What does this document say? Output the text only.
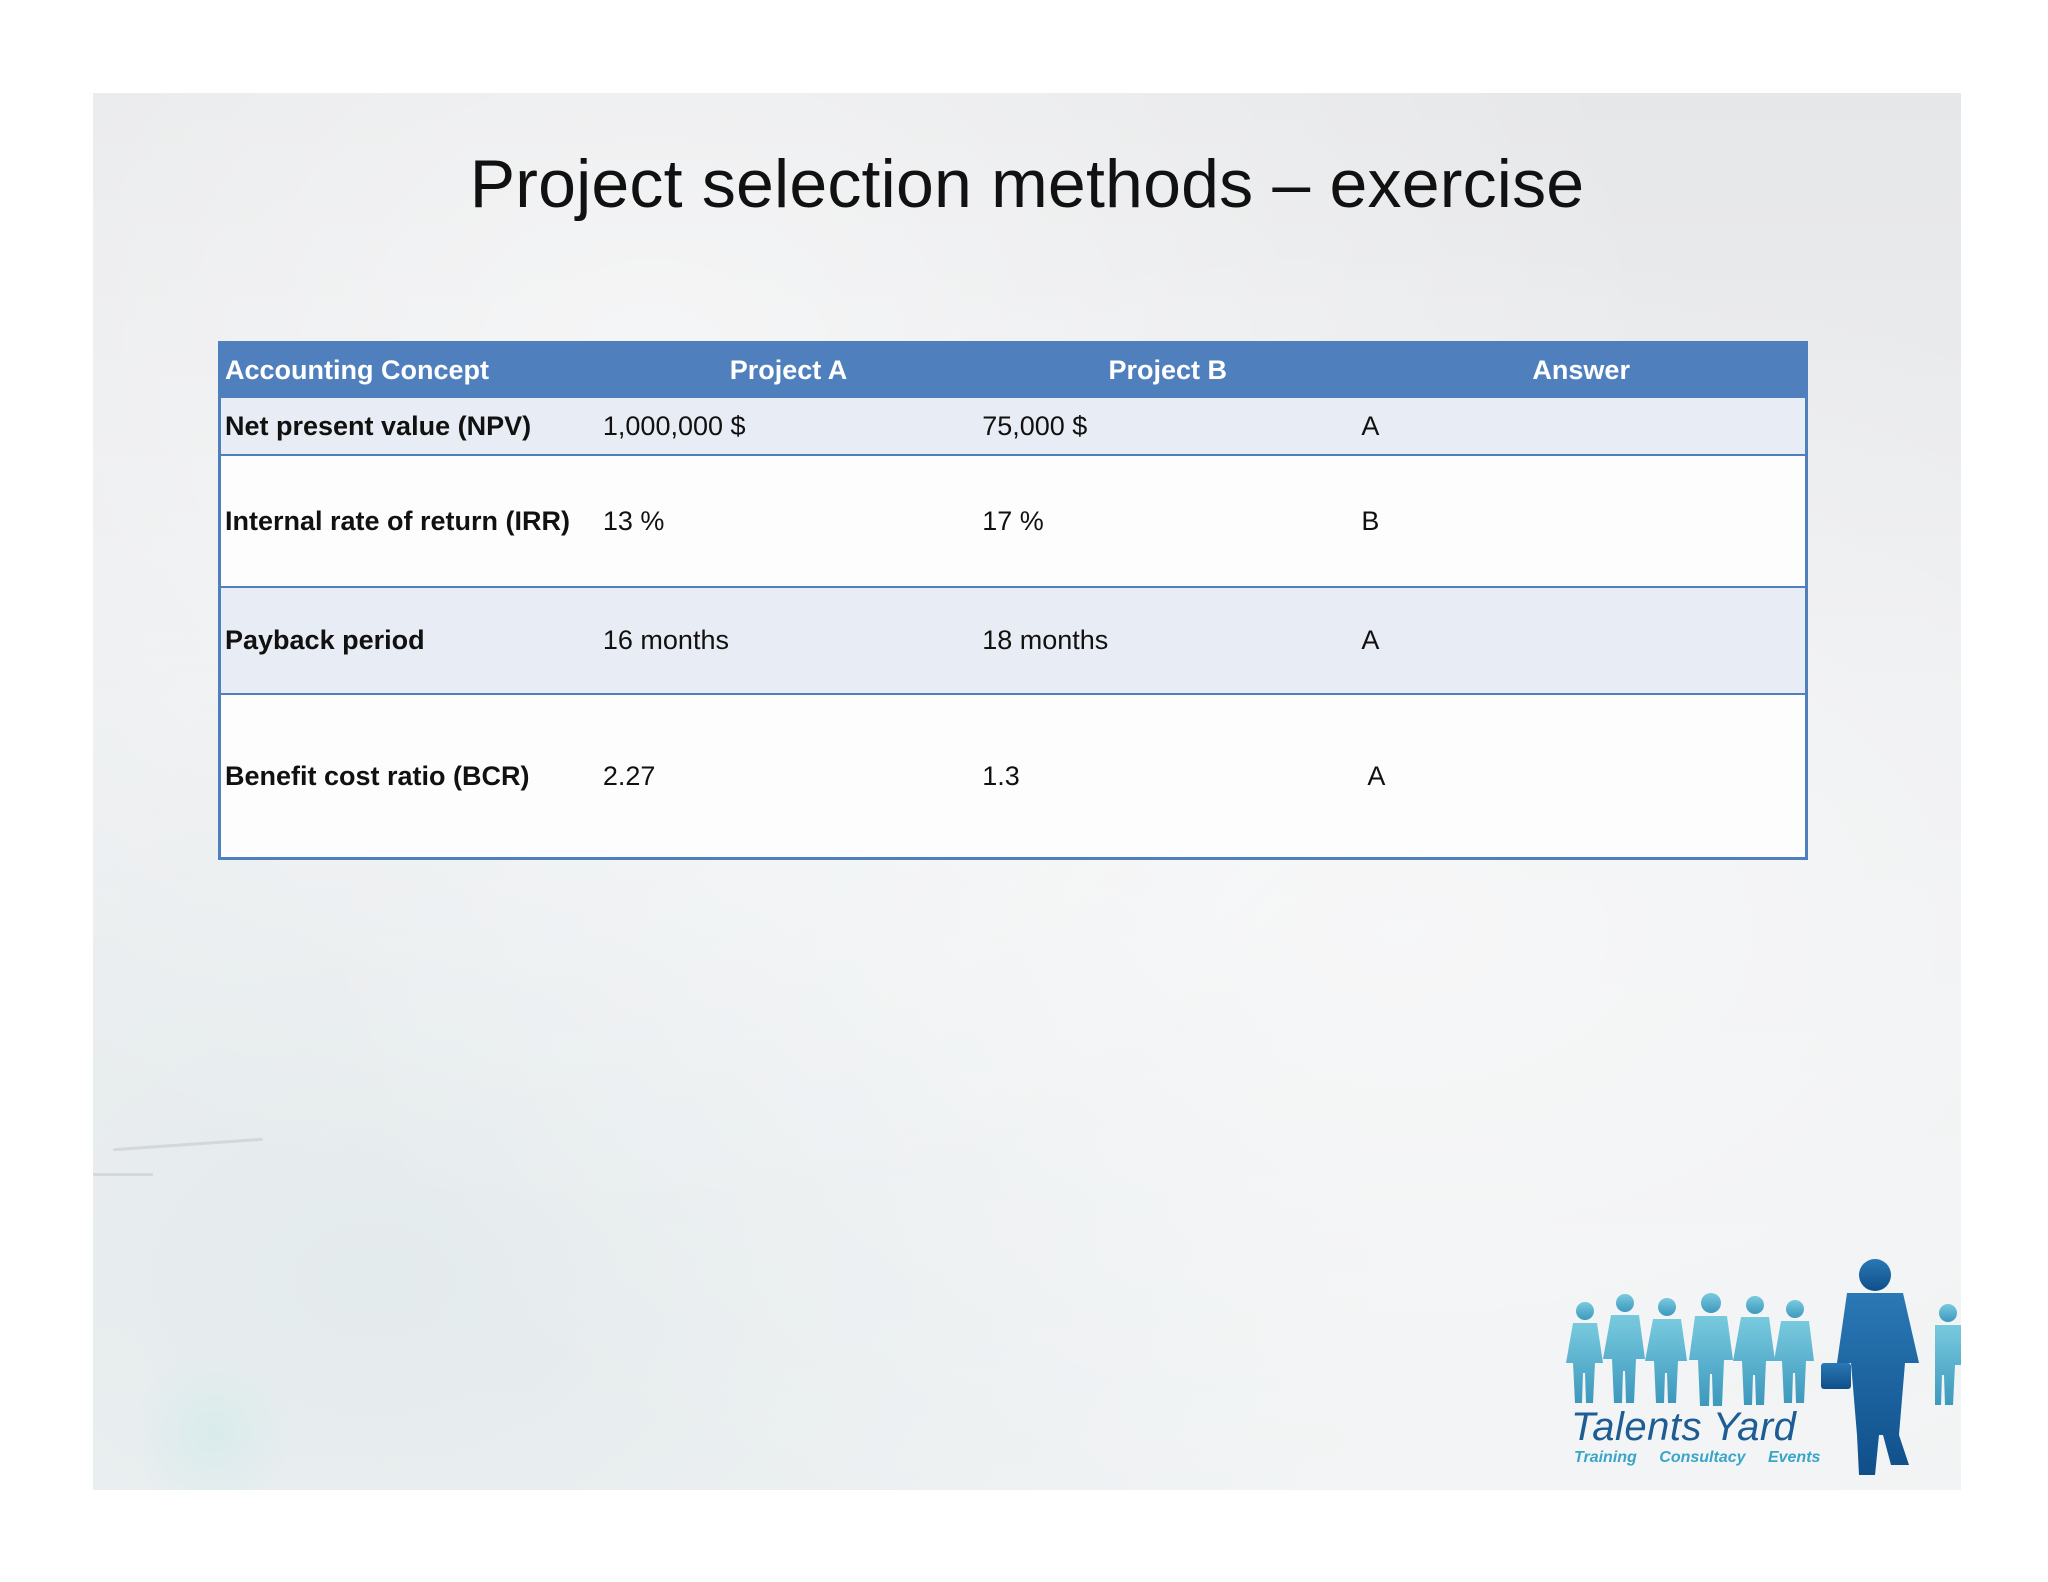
Project selection methods – exercise
Accounting Concept	Project A	Project B	Answer
Net present value (NPV)	1,000,000 $	75,000 $	A
Internal rate of return (IRR)	13 %	17 %	B
Payback period	16 months	18 months	A
Benefit cost ratio (BCR)	2.27	1.3	A
Talents Yard
Training Consultacy Events
